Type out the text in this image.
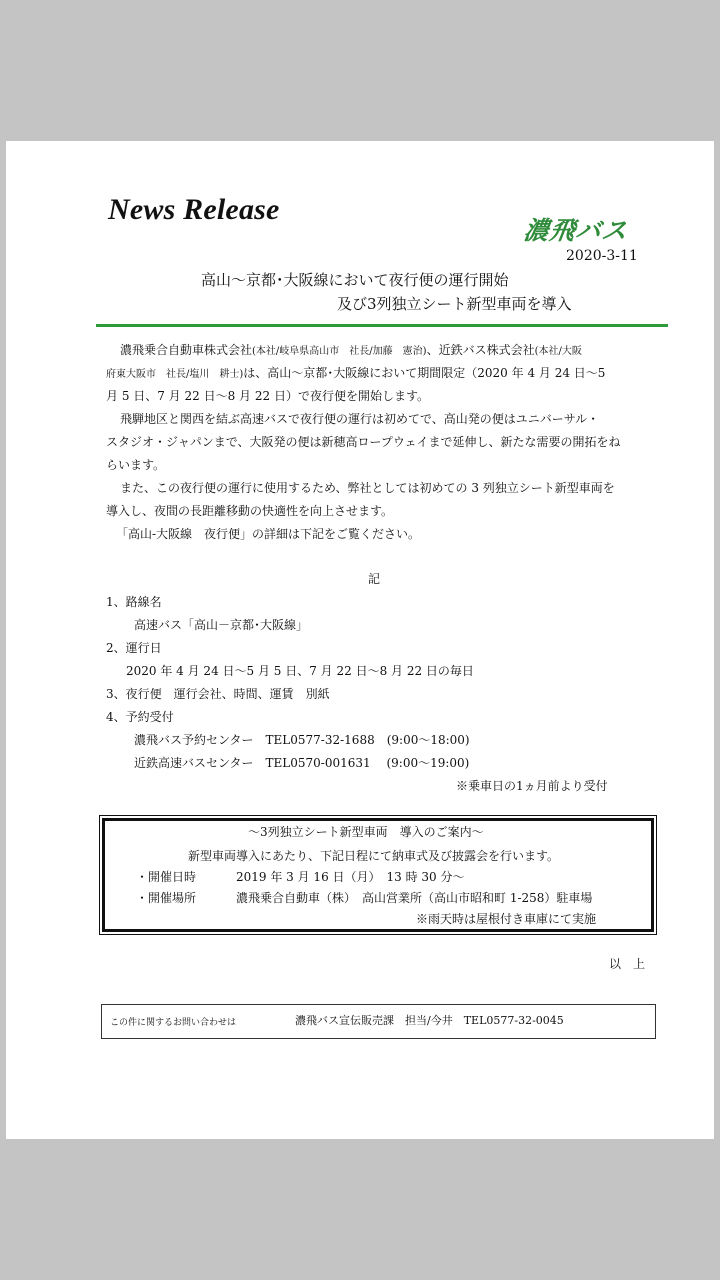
News Release
濃飛バス
2020-3-11
高山〜京都･大阪線において夜行便の運行開始
及び3列独立シート新型車両を導入
濃飛乗合自動車株式会社(本社/岐阜県高山市　社長/加藤　憲治)、近鉄バス株式会社(本社/大阪
府東大阪市　社長/塩川　耕士)は、高山〜京都･大阪線において期間限定（2020 年 4 月 24 日〜5
月 5 日、7 月 22 日〜8 月 22 日）で夜行便を開始します。
飛騨地区と関西を結ぶ高速バスで夜行便の運行は初めてで、高山発の便はユニバーサル・
スタジオ・ジャパンまで、大阪発の便は新穂高ロープウェイまで延伸し、新たな需要の開拓をね
らいます。
また、この夜行便の運行に使用するため、弊社としては初めての 3 列独立シート新型車両を
導入し、夜間の長距離移動の快適性を向上させます。
「高山-大阪線　夜行便」の詳細は下記をご覧ください。
記
1、路線名
高速バス「高山－京都･大阪線」
2、運行日
2020 年 4 月 24 日〜5 月 5 日、7 月 22 日〜8 月 22 日の毎日
3、夜行便　運行会社、時間、運賃　別紙
4、予約受付
濃飛バス予約センター　TEL0577-32-1688　(9:00〜18:00)
近鉄高速バスセンター　TEL0570-001631　 (9:00〜19:00)
※乗車日の1ヵ月前より受付
〜3列独立シート新型車両　導入のご案内〜
新型車両導入にあたり、下記日程にて納車式及び披露会を行います。
・開催日時	2019 年 3 月 16 日（月）　13 時 30 分〜
・開催場所	濃飛乗合自動車（株）　高山営業所（高山市昭和町 1-258）駐車場
※雨天時は屋根付き車庫にて実施
以　上
この件に関するお問い合わせは	濃飛バス宣伝販売課　担当/今井　TEL0577-32-0045
